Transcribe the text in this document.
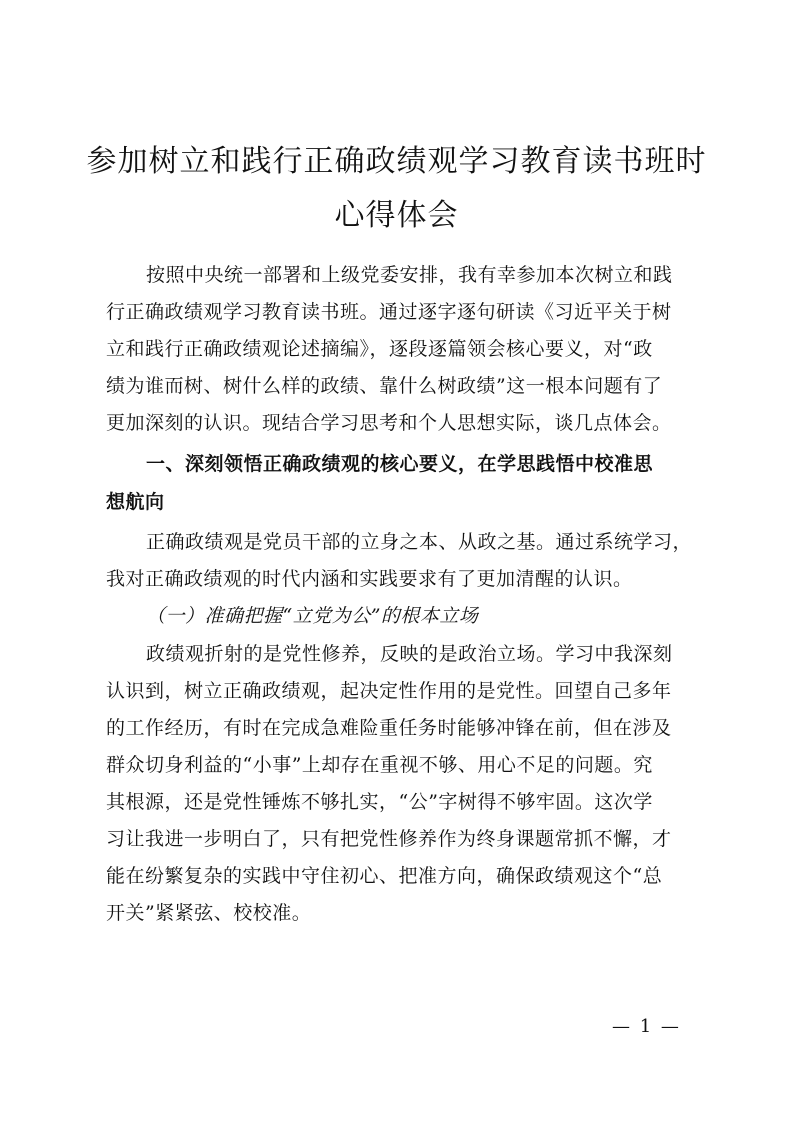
参加树立和践行正确政绩观学习教育读书班时
心得体会
按照中央统一部署和上级党委安排，我有幸参加本次树立和践
行正确政绩观学习教育读书班。通过逐字逐句研读《习近平关于树
立和践行正确政绩观论述摘编》，逐段逐篇领会核心要义，对“政
绩为谁而树、树什么样的政绩、靠什么树政绩”这一根本问题有了
更加深刻的认识。现结合学习思考和个人思想实际，谈几点体会。
一、深刻领悟正确政绩观的核心要义，在学思践悟中校准思
想航向
正确政绩观是党员干部的立身之本、从政之基。通过系统学习，
我对正确政绩观的时代内涵和实践要求有了更加清醒的认识。
（一）准确把握“立党为公”的根本立场
政绩观折射的是党性修养，反映的是政治立场。学习中我深刻
认识到，树立正确政绩观，起决定性作用的是党性。回望自己多年
的工作经历，有时在完成急难险重任务时能够冲锋在前，但在涉及
群众切身利益的“小事”上却存在重视不够、用心不足的问题。究
其根源，还是党性锤炼不够扎实，“公”字树得不够牢固。这次学
习让我进一步明白了，只有把党性修养作为终身课题常抓不懈，才
能在纷繁复杂的实践中守住初心、把准方向，确保政绩观这个“总
开关”紧紧弦、校校准。
— 1 —
